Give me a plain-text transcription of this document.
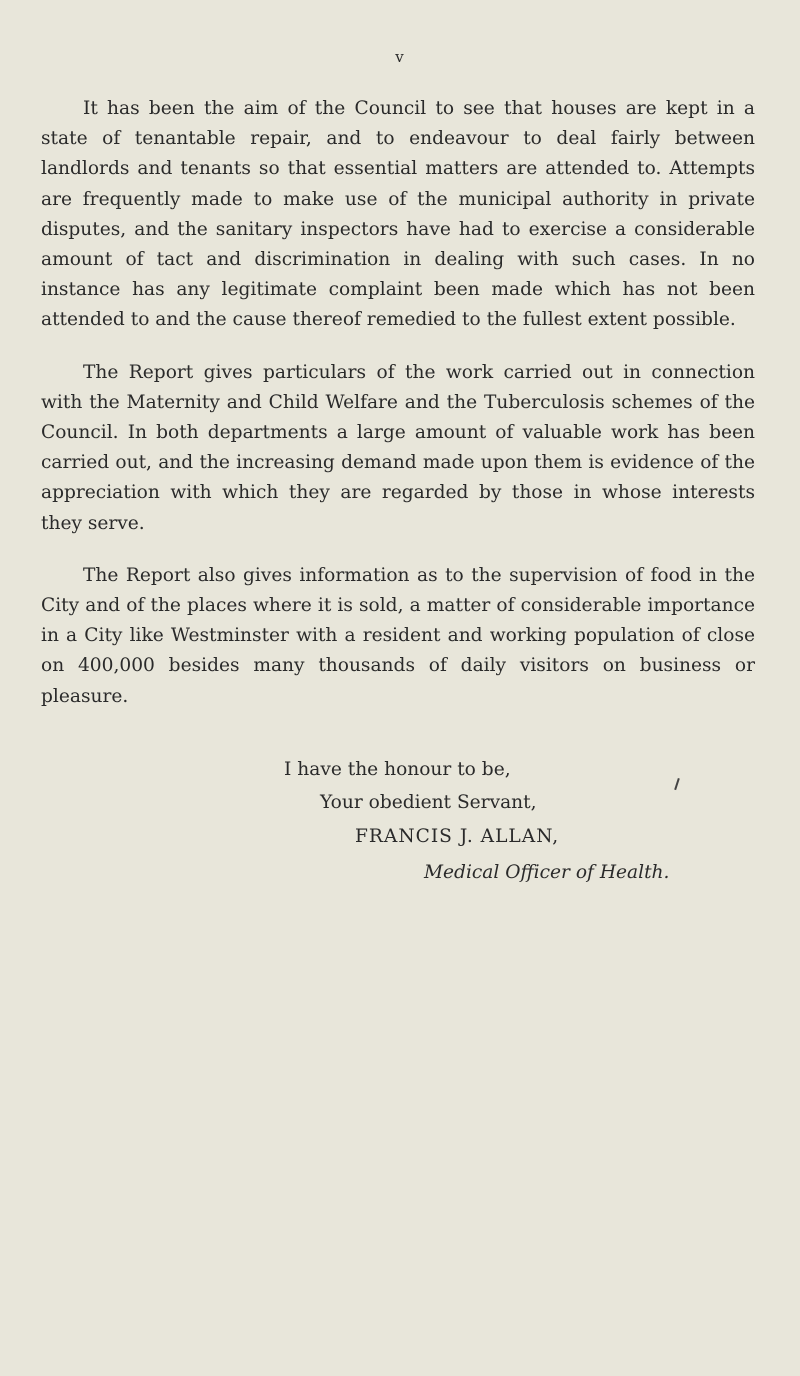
v

It has been the aim of the Council to see that houses are kept in a state of tenantable repair, and to endeavour to deal fairly between landlords and tenants so that essential matters are attended to. Attempts are frequently made to make use of the municipal authority in private disputes, and the sanitary inspectors have had to exercise a considerable amount of tact and discrimination in dealing with such cases. In no instance has any legitimate complaint been made which has not been attended to and the cause thereof remedied to the fullest extent possible.

The Report gives particulars of the work carried out in connection with the Maternity and Child Welfare and the Tuberculosis schemes of the Council. In both departments a large amount of valuable work has been carried out, and the increasing demand made upon them is evidence of the appreciation with which they are regarded by those in whose interests they serve.

The Report also gives information as to the supervision of food in the City and of the places where it is sold, a matter of considerable importance in a City like Westminster with a resident and working population of close on 400,000 besides many thousands of daily visitors on business or pleasure.

I have the honour to be,
Your obedient Servant,
FRANCIS J. ALLAN,
Medical Officer of Health.
